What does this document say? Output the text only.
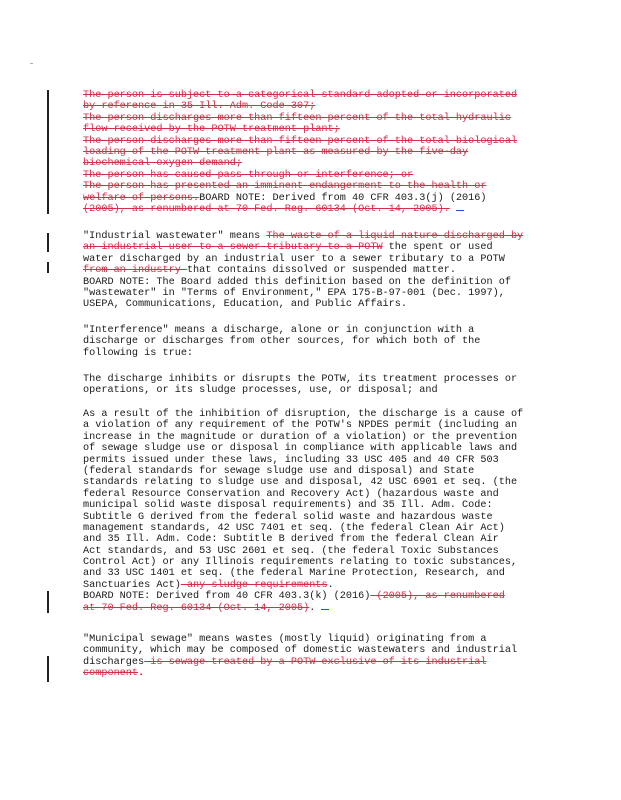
The person is subject to a categorical standard adopted or incorporated
by reference in 35 Ill. Adm. Code 307;
The person discharges more than fifteen percent of the total hydraulic
flow received by the POTW treatment plant;
The person discharges more than fifteen percent of the total biological
loading of the POTW treatment plant as measured by the five-day
biochemical oxygen demand;
The person has caused pass through or interference; or
The person has presented an imminent endangerment to the health or
welfare of persons.BOARD NOTE: Derived from 40 CFR 403.3(j) (2016)
(2005), as renumbered at 70 Fed. Reg. 60134 (Oct. 14, 2005).
"Industrial wastewater" means The waste of a liquid nature discharged by
an industrial user to a sewer tributary to a POTW the spent or used
water discharged by an industrial user to a sewer tributary to a POTW
from an industry that contains dissolved or suspended matter.
BOARD NOTE: The Board added this definition based on the definition of
"wastewater" in "Terms of Environment," EPA 175-B-97-001 (Dec. 1997),
USEPA, Communications, Education, and Public Affairs.
"Interference" means a discharge, alone or in conjunction with a
discharge or discharges from other sources, for which both of the
following is true:
The discharge inhibits or disrupts the POTW, its treatment processes or
operations, or its sludge processes, use, or disposal; and
As a result of the inhibition of disruption, the discharge is a cause of
a violation of any requirement of the POTW's NPDES permit (including an
increase in the magnitude or duration of a violation) or the prevention
of sewage sludge use or disposal in compliance with applicable laws and
permits issued under these laws, including 33 USC 405 and 40 CFR 503
(federal standards for sewage sludge use and disposal) and State
standards relating to sludge use and disposal, 42 USC 6901 et seq. (the
federal Resource Conservation and Recovery Act) (hazardous waste and
municipal solid waste disposal requirements) and 35 Ill. Adm. Code:
Subtitle G derived from the federal solid waste and hazardous waste
management standards, 42 USC 7401 et seq. (the federal Clean Air Act)
and 35 Ill. Adm. Code: Subtitle B derived from the federal Clean Air
Act standards, and 53 USC 2601 et seq. (the federal Toxic Substances
Control Act) or any Illinois requirements relating to toxic substances,
and 33 USC 1401 et seq. (the federal Marine Protection, Research, and
Sanctuaries Act) any sludge requirements.
BOARD NOTE: Derived from 40 CFR 403.3(k) (2016) (2005), as renumbered
at 70 Fed. Reg. 60134 (Oct. 14, 2005).
"Municipal sewage" means wastes (mostly liquid) originating from a
community, which may be composed of domestic wastewaters and industrial
discharges is sewage treated by a POTW exclusive of its industrial
component.
